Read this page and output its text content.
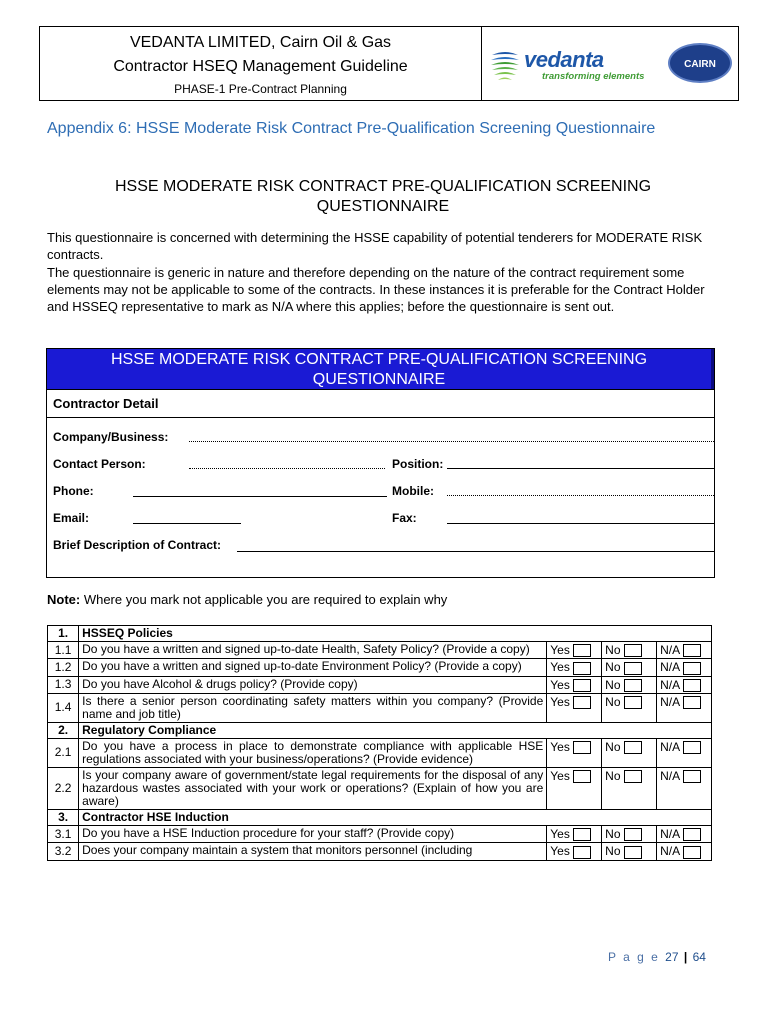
VEDANTA LIMITED, Cairn Oil & Gas
Contractor HSEQ Management Guideline
PHASE-1 Pre-Contract Planning
vedanta
transforming elements
CAIRN
Appendix 6: HSSE Moderate Risk Contract Pre-Qualification Screening Questionnaire
HSSE MODERATE RISK CONTRACT PRE-QUALIFICATION SCREENING QUESTIONNAIRE
This questionnaire is concerned with determining the HSSE capability of potential tenderers for MODERATE RISK contracts.
The questionnaire is generic in nature and therefore depending on the nature of the contract requirement some elements may not be applicable to some of the contracts. In these instances it is preferable for the Contract Holder and HSSEQ representative to mark as N/A where this applies; before the questionnaire is sent out.
HSSE MODERATE RISK CONTRACT PRE-QUALIFICATION SCREENING QUESTIONNAIRE
Contractor Detail
Company/Business:
Contact Person:	Position:
Phone:	Mobile:
Email:	Fax:
Brief Description of Contract:
Note: Where you mark not applicable you are required to explain why
1.	HSSEQ Policies			
1.1	Do you have a written and signed up-to-date Health, Safety Policy? (Provide a copy)	Yes	No	N/A
1.2	Do you have a written and signed up-to-date Environment Policy? (Provide a copy)	Yes	No	N/A
1.3	Do you have Alcohol & drugs policy? (Provide copy)	Yes	No	N/A
1.4	Is there a senior person coordinating safety matters within you company? (Provide name and job title)	Yes	No	N/A
2.	Regulatory Compliance			
2.1	Do you have a process in place to demonstrate compliance with applicable HSE regulations associated with your business/operations? (Provide evidence)	Yes	No	N/A
2.2	Is your company aware of government/state legal requirements for the disposal of any hazardous wastes associated with your work or operations? (Explain of how you are aware)	Yes	No	N/A
3.	Contractor HSE Induction			
3.1	Do you have a HSE Induction procedure for your staff? (Provide copy)	Yes	No	N/A
3.2	Does your company maintain a system that monitors personnel (including	Yes	No	N/A
P a g e 27 | 64
